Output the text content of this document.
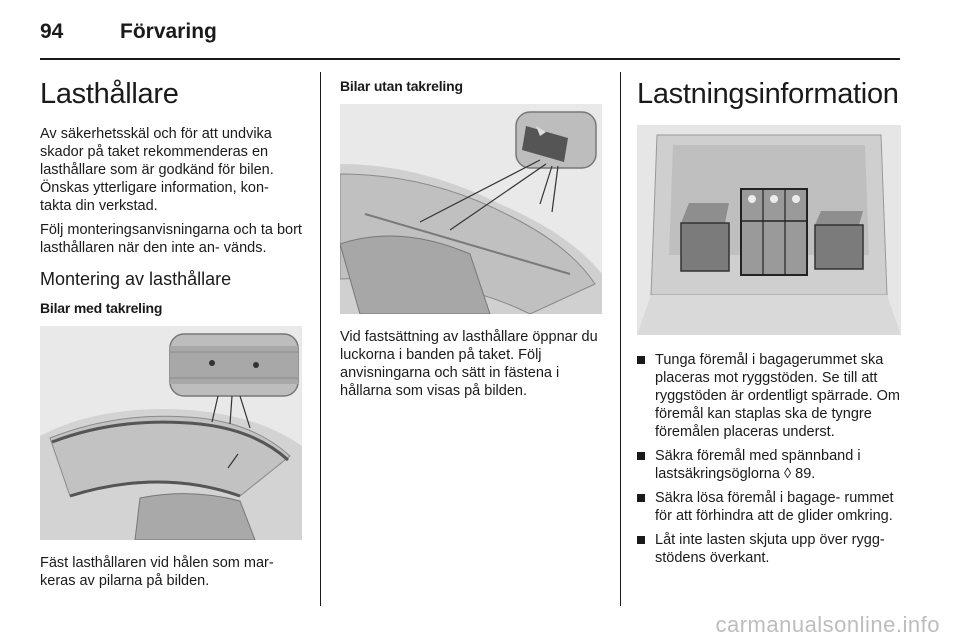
94	Förvaring
Lasthållare

Av säkerhetsskäl och för att undvika skador på taket rekommenderas en lasthållare som är godkänd för bilen. Önskas ytterligare information, kon- takta din verkstad.

Följ monteringsanvisningarna och ta bort lasthållaren när den inte an- vänds.

Montering av lasthållare
Bilar med takreling

Fäst lasthållaren vid hålen som mar- keras av pilarna på bilden.

Bilar utan takreling

Vid fastsättning av lasthållare öppnar du luckorna i banden på taket. Följ anvisningarna och sätt in fästena i hållarna som visas på bilden.

Lastningsinformation
Tunga föremål i bagagerummet ska placeras mot ryggstöden. Se till att ryggstöden är ordentligt spärrade. Om föremål kan staplas ska de tyngre föremålen placeras underst.
Säkra föremål med spännband i lastsäkringsöglorna ◊ 89.
Säkra lösa föremål i bagage- rummet för att förhindra att de glider omkring.
Låt inte lasten skjuta upp över rygg- stödens överkant.
carmanualsonline.info
